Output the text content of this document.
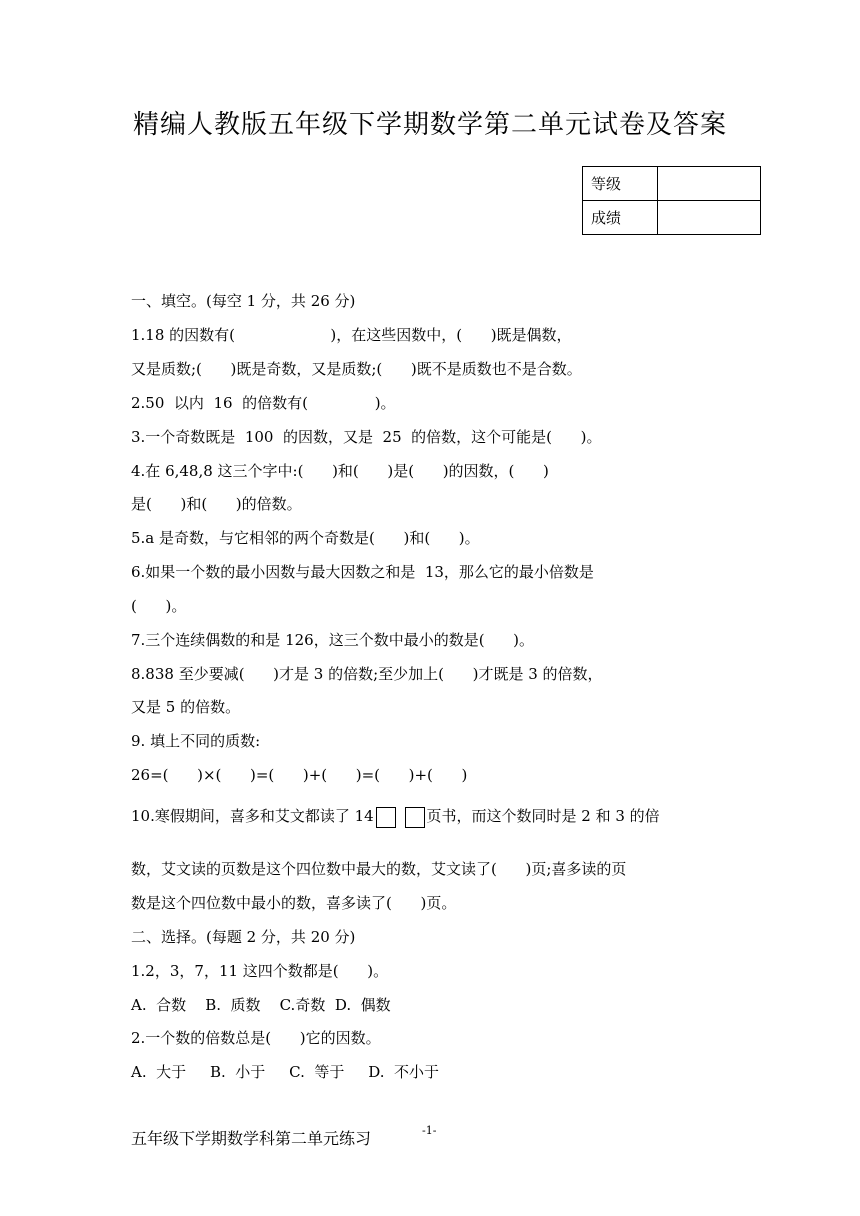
精编人教版五年级下学期数学第二单元试卷及答案
等级	
成绩	
一、填空。(每空 1 分，共 26 分)
1.18 的因数有(                    )，在这些因数中，(      )既是偶数，
又是质数;(      )既是奇数，又是质数;(      )既不是质数也不是合数。
2.50  以内  16  的倍数有(              )。
3.一个奇数既是  100  的因数，又是  25  的倍数，这个可能是(      )。
4.在 6,48,8 这三个字中:(      )和(      )是(      )的因数，(      )
是(      )和(      )的倍数。
5.a 是奇数，与它相邻的两个奇数是(      )和(      )。
6.如果一个数的最小因数与最大因数之和是  13，那么它的最小倍数是
(      )。
7.三个连续偶数的和是 126，这三个数中最小的数是(      )。
8.838 至少要减(      )才是 3 的倍数;至少加上(      )才既是 3 的倍数，
又是 5 的倍数。
9. 填上不同的质数:
26=(      )×(      )=(      )+(      )=(      )+(      )
10.寒假期间，喜多和艾文都读了 14	页书，而这个数同时是 2 和 3 的倍
数，艾文读的页数是这个四位数中最大的数，艾文读了(      )页;喜多读的页
数是这个四位数中最小的数，喜多读了(      )页。
二、选择。(每题 2 分，共 20 分)
1.2，3，7，11 这四个数都是(      )。
A.  合数    B.  质数    C.奇数  D.  偶数
2.一个数的倍数总是(      )它的因数。
A.  大于     B.  小于     C.  等于     D.  不小于
五年级下学期数学科第二单元练习	-1-
